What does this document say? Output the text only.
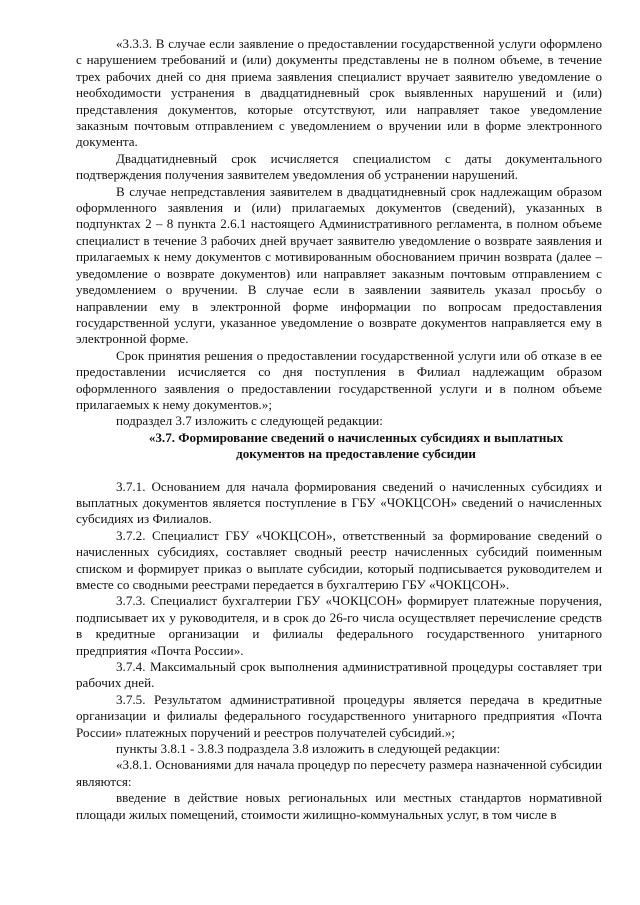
«3.3.3. В случае если заявление о предоставлении государственной услуги оформлено с нарушением требований и (или) документы представлены не в полном объеме, в течение трех рабочих дней со дня приема заявления специалист вручает заявителю уведомление о необходимости устранения в двадцатидневный срок выявленных нарушений и (или) представления документов, которые отсутствуют, или направляет такое уведомление заказным почтовым отправлением с уведомлением о вручении или в форме электронного документа.

Двадцатидневный срок исчисляется специалистом с даты документального подтверждения получения заявителем уведомления об устранении нарушений.

В случае непредставления заявителем в двадцатидневный срок надлежащим образом оформленного заявления и (или) прилагаемых документов (сведений), указанных в подпунктах 2 – 8 пункта 2.6.1 настоящего Административного регламента, в полном объеме специалист в течение 3 рабочих дней вручает заявителю уведомление о возврате заявления и прилагаемых к нему документов с мотивированным обоснованием причин возврата (далее – уведомление о возврате документов) или направляет заказным почтовым отправлением с уведомлением о вручении. В случае если в заявлении заявитель указал просьбу о направлении ему в электронной форме информации по вопросам предоставления государственной услуги, указанное уведомление о возврате документов направляется ему в электронной форме.

Срок принятия решения о предоставлении государственной услуги или об отказе в ее предоставлении исчисляется со дня поступления в Филиал надлежащим образом оформленного заявления о предоставлении государственной услуги и в полном объеме прилагаемых к нему документов.»;

подраздел 3.7 изложить с следующей редакции:

«3.7. Формирование сведений о начисленных субсидиях и выплатных
документов на предоставление субсидии

3.7.1. Основанием для начала формирования сведений о начисленных субсидиях и выплатных документов является поступление в ГБУ «ЧОКЦСОН» сведений о начисленных субсидиях из Филиалов.

3.7.2. Специалист ГБУ «ЧОКЦСОН», ответственный за формирование сведений о начисленных субсидиях, составляет сводный реестр начисленных субсидий поименным списком и формирует приказ о выплате субсидии, который подписывается руководителем и вместе со сводными реестрами передается в бухгалтерию ГБУ «ЧОКЦСОН».

3.7.3. Специалист бухгалтерии ГБУ «ЧОКЦСОН» формирует платежные поручения, подписывает их у руководителя, и в срок до 26-го числа осуществляет перечисление средств в кредитные организации и филиалы федерального государственного унитарного предприятия «Почта России».

3.7.4. Максимальный срок выполнения административной процедуры составляет три рабочих дней.

3.7.5. Результатом административной процедуры является передача в кредитные организации и филиалы федерального государственного унитарного предприятия «Почта России» платежных поручений и реестров получателей субсидий.»;

пункты 3.8.1 - 3.8.3 подраздела 3.8 изложить в следующей редакции:

«3.8.1. Основаниями для начала процедур по пересчету размера назначенной субсидии являются:

введение в действие новых региональных или местных стандартов нормативной площади жилых помещений, стоимости жилищно-коммунальных услуг, в том числе в
